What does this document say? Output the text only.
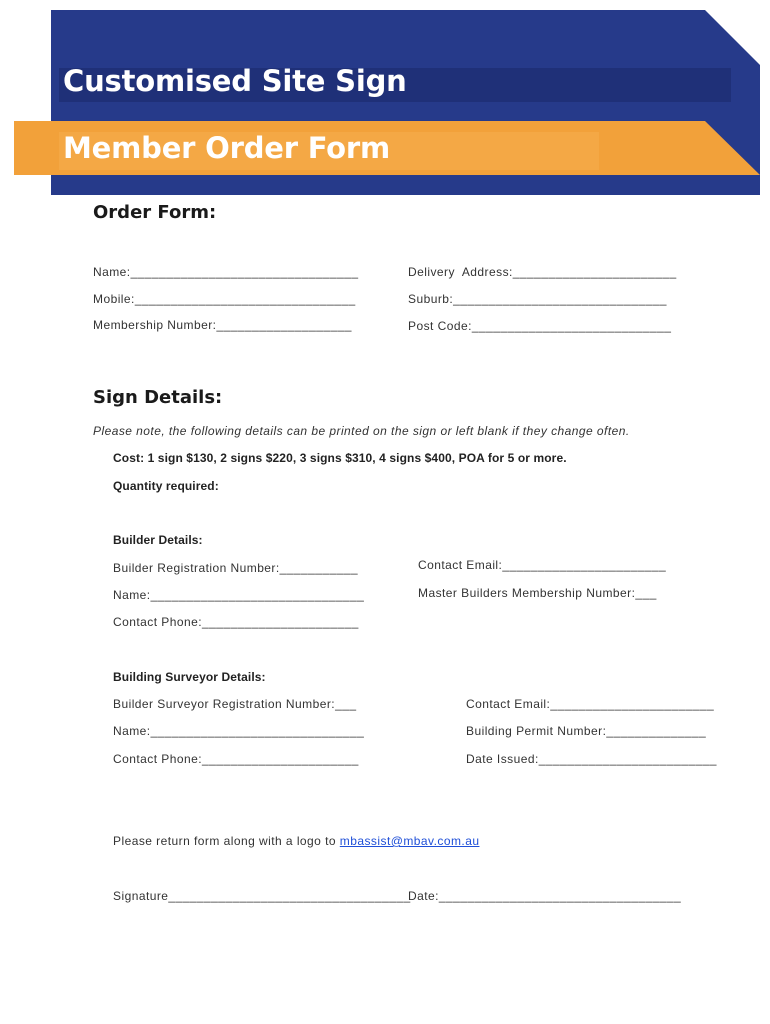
Customised Site Sign
Member Order Form
Order Form:
Name:________________________________
Mobile:_______________________________
Membership Number:___________________
Delivery  Address:_______________________
Suburb:______________________________
Post Code:____________________________
Sign Details:
Please note, the following details can be printed on the sign or left blank if they change often.
Cost: 1 sign $130, 2 signs $220, 3 signs $310, 4 signs $400, POA for 5 or more.
Quantity required:
Builder Details:
Builder Registration Number:___________
Name:______________________________
Contact Phone:______________________
Contact Email:_______________________
Master Builders Membership Number:___
Building Surveyor Details:
Builder Surveyor Registration Number:___
Name:______________________________
Contact Phone:______________________
Contact Email:_______________________
Building Permit Number:______________
Date Issued:_________________________
Please return form along with a logo to mbassist@mbav.com.au
Signature__________________________________
Date:__________________________________
